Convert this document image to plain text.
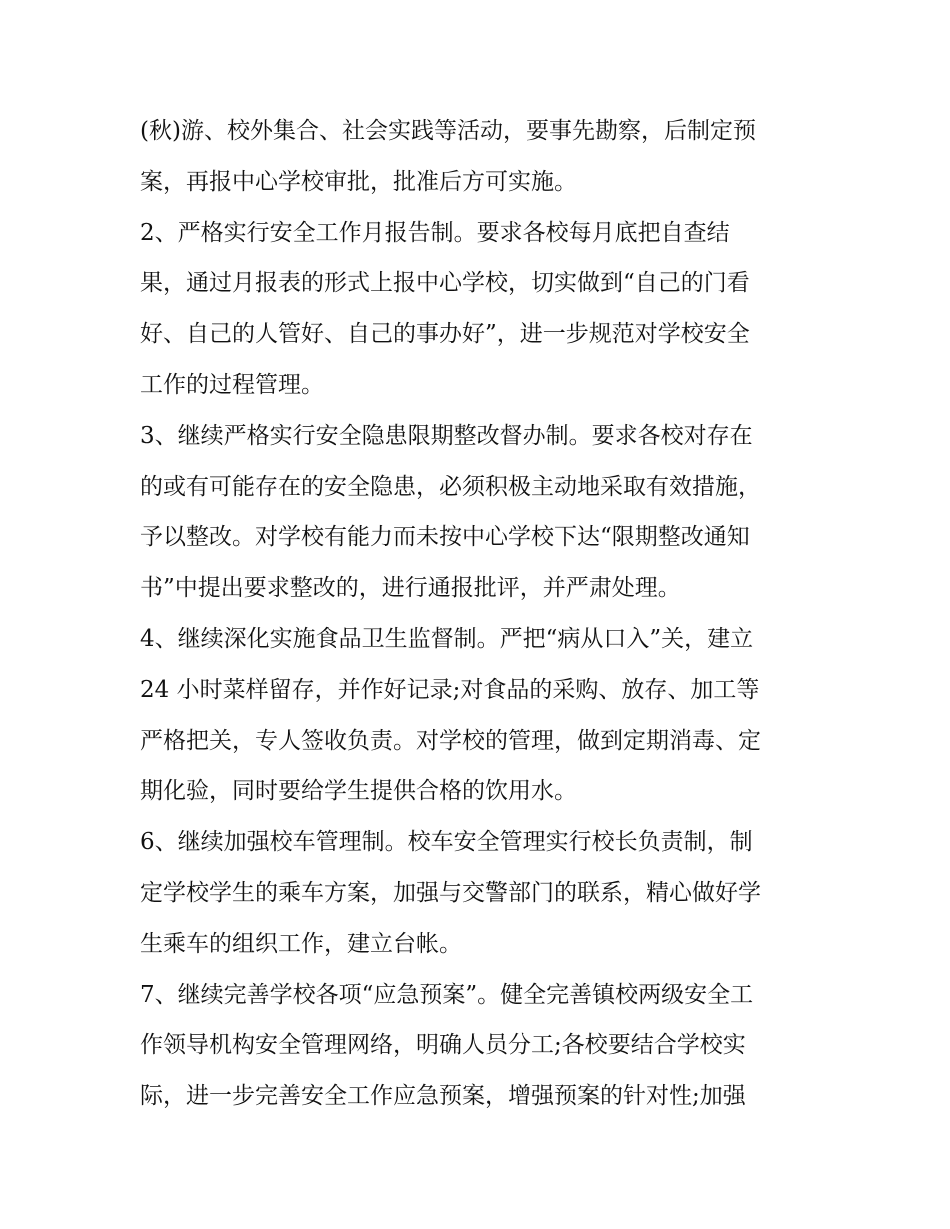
(秋)游、校外集合、社会实践等活动，要事先勘察，后制定预
案，再报中心学校审批，批准后方可实施。
2、严格实行安全工作月报告制。要求各校每月底把自查结
果，通过月报表的形式上报中心学校，切实做到“自己的门看
好、自己的人管好、自己的事办好”，进一步规范对学校安全
工作的过程管理。
3、继续严格实行安全隐患限期整改督办制。要求各校对存在
的或有可能存在的安全隐患，必须积极主动地采取有效措施，
予以整改。对学校有能力而未按中心学校下达“限期整改通知
书”中提出要求整改的，进行通报批评，并严肃处理。
4、继续深化实施食品卫生监督制。严把“病从口入”关，建立
24 小时菜样留存，并作好记录;对食品的采购、放存、加工等
严格把关，专人签收负责。对学校的管理，做到定期消毒、定
期化验，同时要给学生提供合格的饮用水。
6、继续加强校车管理制。校车安全管理实行校长负责制，制
定学校学生的乘车方案，加强与交警部门的联系，精心做好学
生乘车的组织工作，建立台帐。
7、继续完善学校各项“应急预案”。健全完善镇校两级安全工
作领导机构安全管理网络，明确人员分工;各校要结合学校实
际，进一步完善安全工作应急预案，增强预案的针对性;加强
